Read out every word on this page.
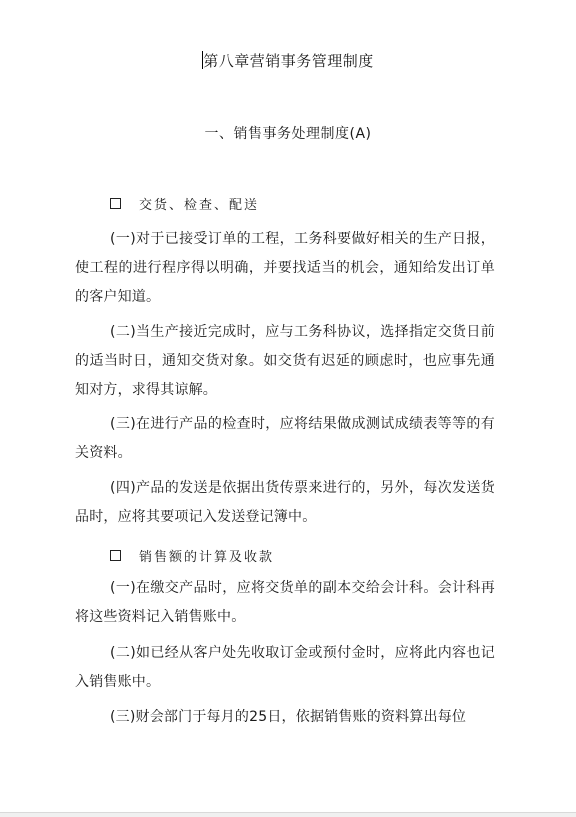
第八章营销事务管理制度
一、销售事务处理制度(A)
交货、检查、配送

(一)对于已接受订单的工程，工务科要做好相关的生产日报，使工程的进行程序得以明确，并要找适当的机会，通知给发出订单的客户知道。

(二)当生产接近完成时，应与工务科协议，选择指定交货日前的适当时日，通知交货对象。如交货有迟延的顾虑时，也应事先通知对方，求得其谅解。

(三)在进行产品的检查时，应将结果做成测试成绩表等等的有关资料。

(四)产品的发送是依据出货传票来进行的，另外，每次发送货品时，应将其要项记入发送登记簿中。

销售额的计算及收款

(一)在缴交产品时，应将交货单的副本交给会计科。会计科再将这些资料记入销售账中。

(二)如已经从客户处先收取订金或预付金时，应将此内容也记入销售账中。

(三)财会部门于每月的25日，依据销售账的资料算出每位
